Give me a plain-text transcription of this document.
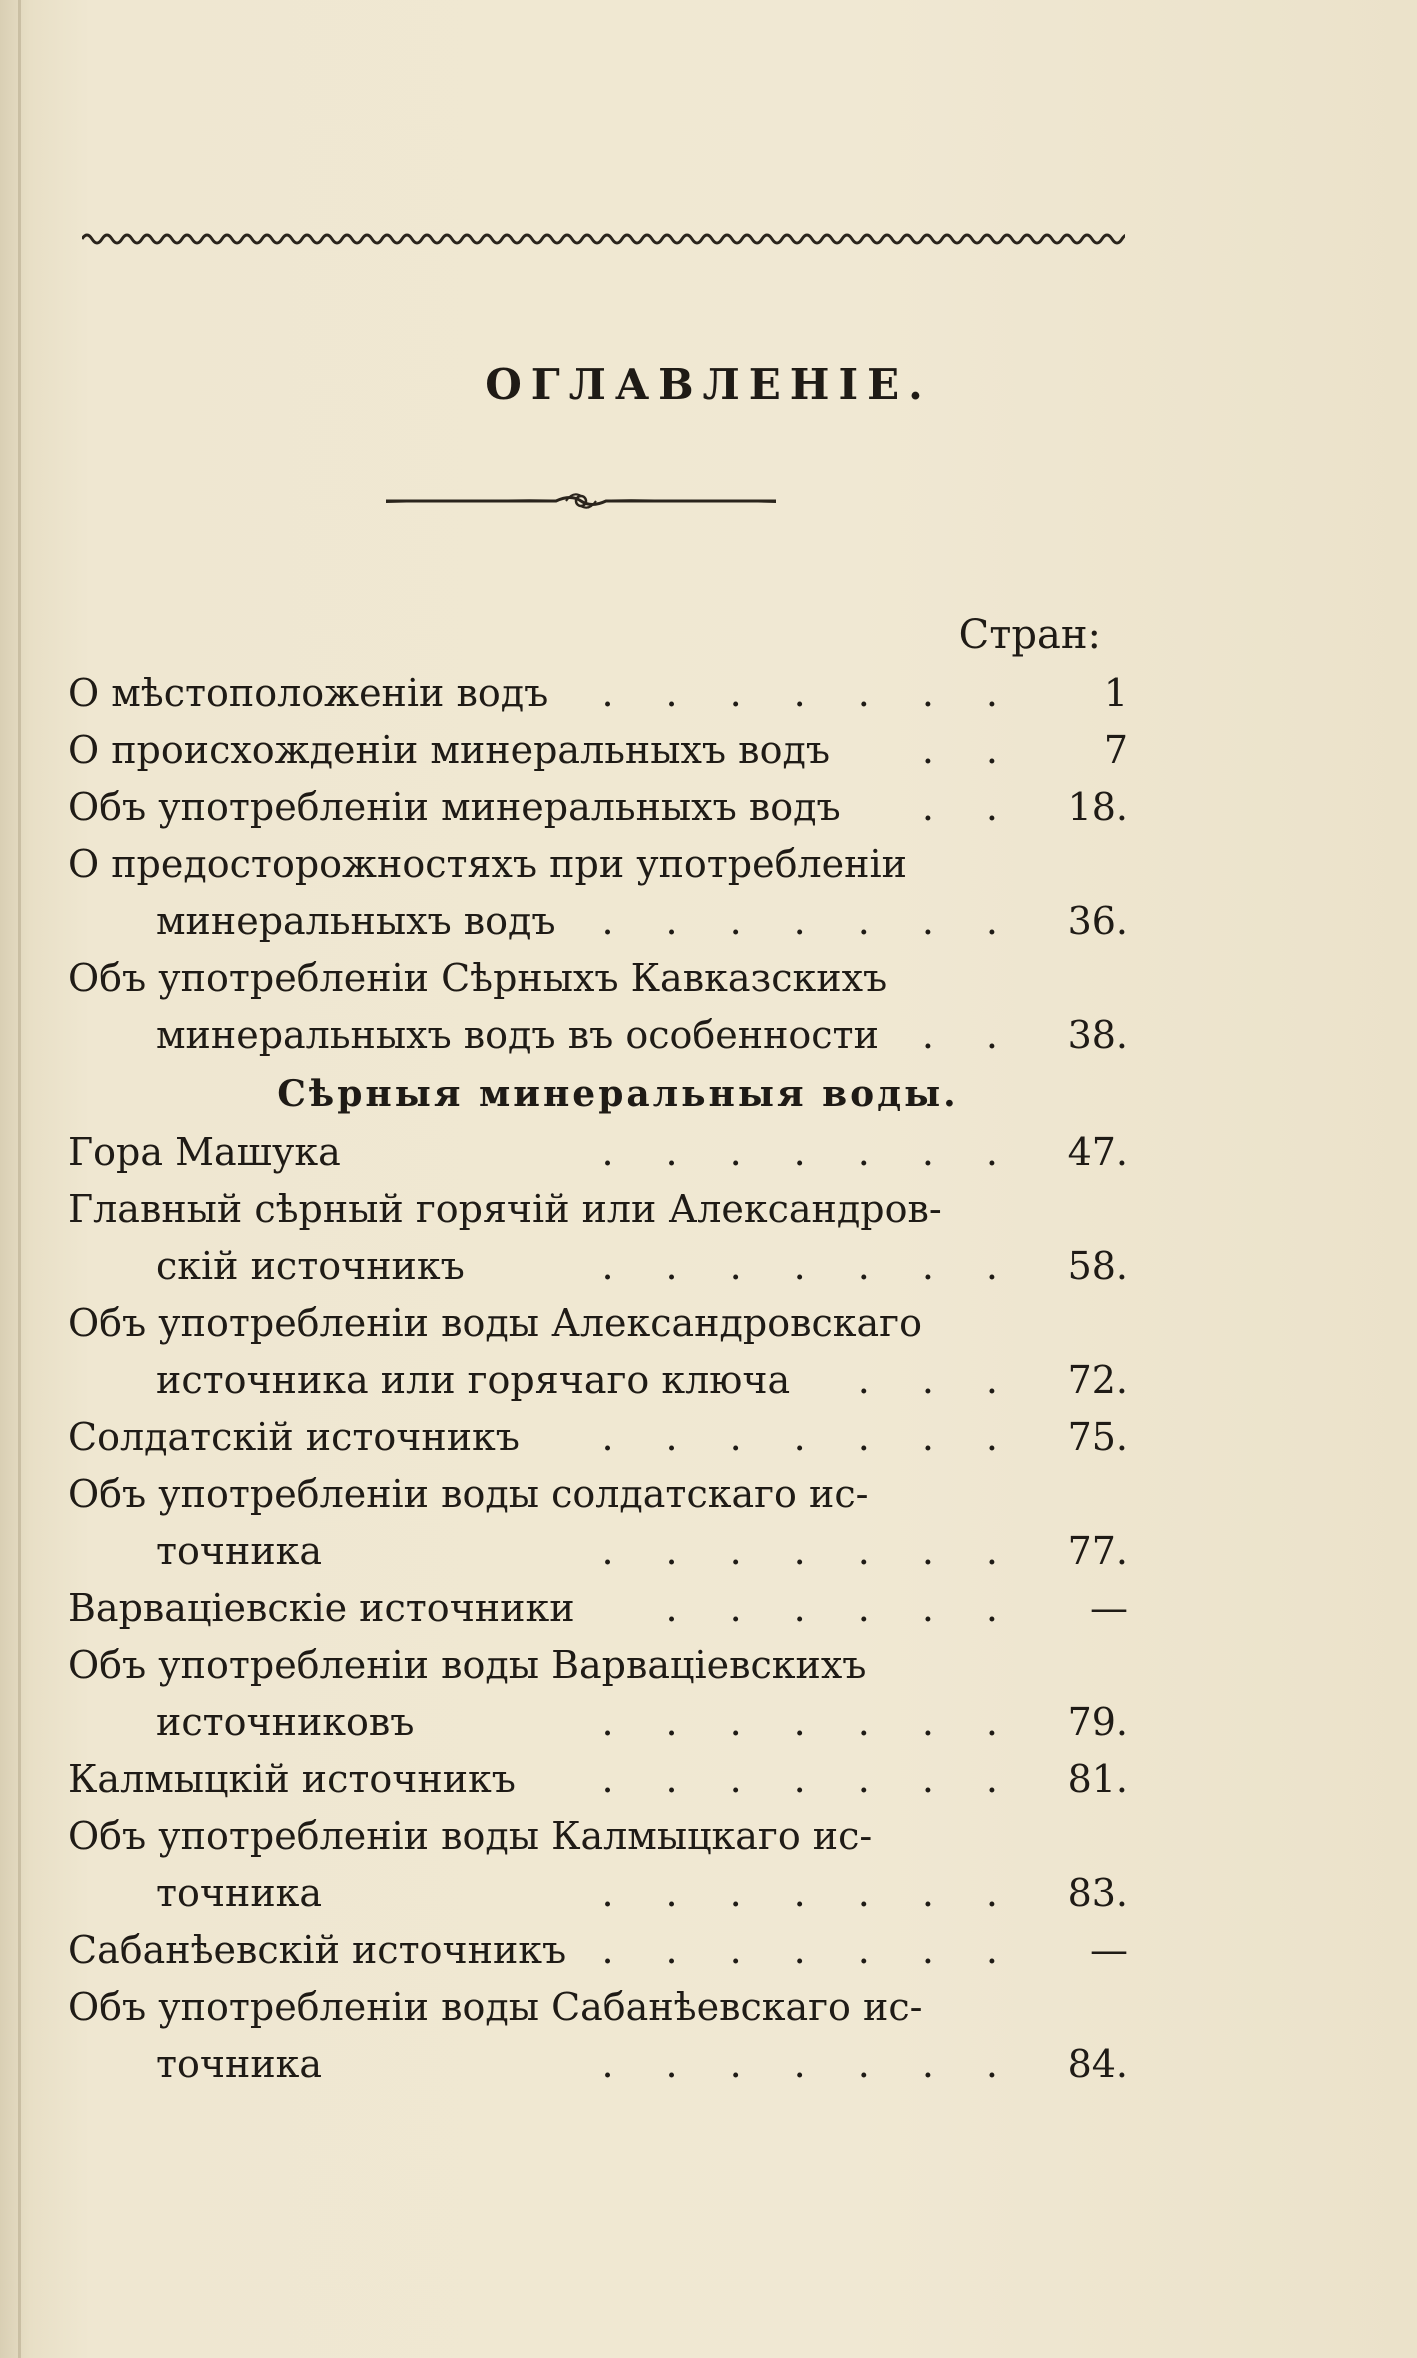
ОГЛАВЛЕНІЕ.
Стран:
О мѣстоположеніи водъ ....... 1
О происхожденіи минеральныхъ водъ .. 7
Объ употребленіи минеральныхъ водъ .. 18.
О предосторожностяхъ при употребленіи
минеральныхъ водъ ....... 36.
Объ употребленіи Сѣрныхъ Кавказскихъ
минеральныхъ водъ въ особенности .. 38.
Сѣрныя минеральныя воды.
Гора Машука	....... 47.
Главный сѣрный горячій или Александров-
скій источникъ	....... 58.
Объ употребленіи воды Александровскаго
источника или горячаго ключа ... 72.
Солдатскій источникъ ....... 75.
Объ употребленіи воды солдатскаго ис-
точника	....... 77.
Варваціевскіе источники ...... —
Объ употребленіи воды Варваціевскихъ
источниковъ	....... 79.
Калмыцкій источникъ ....... 81.
Объ употребленіи воды Калмыцкаго ис-
точника	....... 83.
Сабанѣевскій источникъ ....... —
Объ употребленіи воды Сабанѣевскаго ис-
точника	....... 84.
